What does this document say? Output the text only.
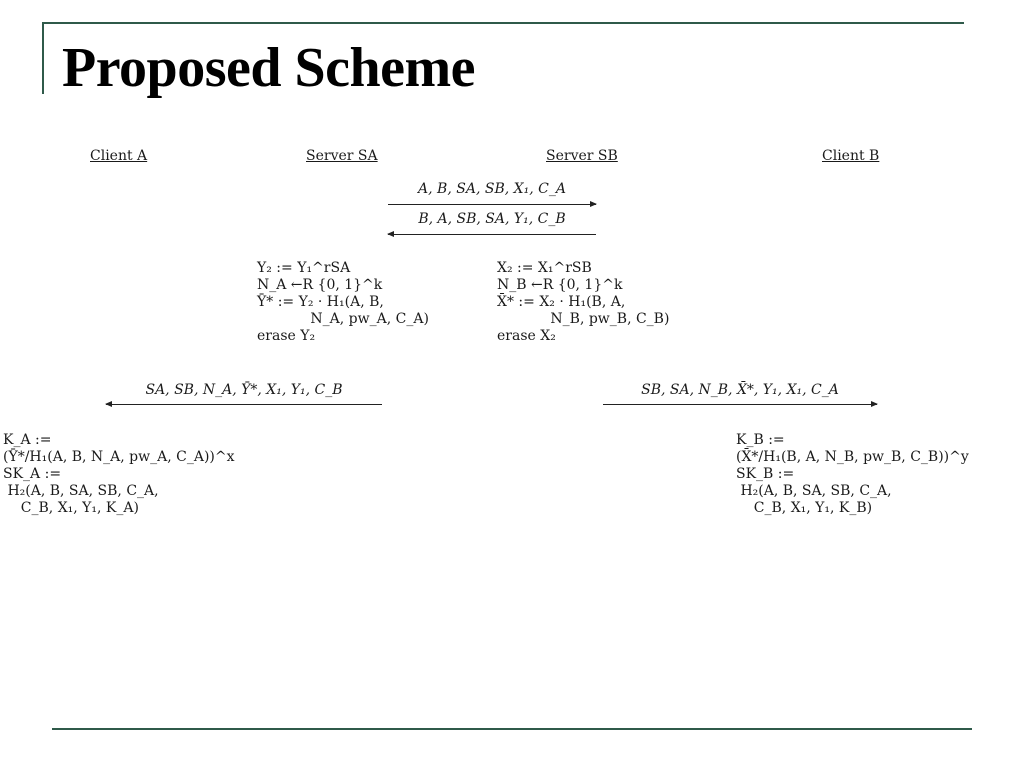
Proposed Scheme
Client A	Server SA	Server SB	Client B
A, B, SA, SB, X₁, C_A
B, A, SB, SA, Y₁, C_B
Y₂ := Y₁^rSA
N_A ←R {0, 1}^k
Ȳ* := Y₂ · H₁(A, B,
N_A, pw_A, C_A)
erase Y₂
X₂ := X₁^rSB
N_B ←R {0, 1}^k
X̄* := X₂ · H₁(B, A,
N_B, pw_B, C_B)
erase X₂
SA, SB, N_A, Ȳ*, X₁, Y₁, C_B	SB, SA, N_B, X̄*, Y₁, X₁, C_A
K_A :=
(Ȳ*/H₁(A, B, N_A, pw_A, C_A))^x
SK_A :=
H₂(A, B, SA, SB, C_A,
C_B, X₁, Y₁, K_A)
K_B :=
(X̄*/H₁(B, A, N_B, pw_B, C_B))^y
SK_B :=
H₂(A, B, SA, SB, C_A,
C_B, X₁, Y₁, K_B)
